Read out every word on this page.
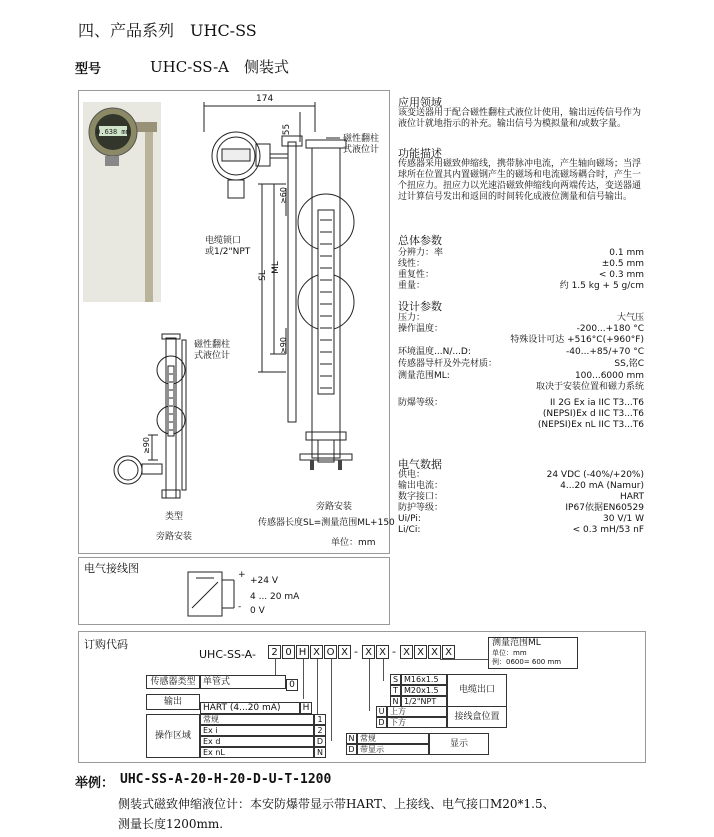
四、产品系列　UHC-SS
型号	UHC-SS-A　侧装式
0.638 mm
174
55
≥60
SL
ML
≥90
磁性翻柱
式液位计
电缆锁口
或1/2"NPT
磁性翻柱
式液位计
≥90
类型
旁路安装
旁路安装
传感器长度SL=测量范围ML+150
单位：mm
应用领域
该变送器用于配合磁性翻柱式液位计使用，输出远传信号作为液位计就地指示的补充。输出信号为模拟量和/或数字量。
功能描述
传感器采用磁致伸缩线，携带脉冲电流，产生轴向磁场；当浮球所在位置其内置磁钢产生的磁场和电流磁场耦合时，产生一个扭应力。扭应力以光速沿磁致伸缩线向两端传达，变送器通过计算信号发出和返回的时间转化成液位测量和信号输出。
总体参数
分辨力：率	0.1 mm
线性：	±0.5 mm
重复性：	< 0.3 mm
重量：	约 1.5 kg + 5 g/cm
设计参数
压力：	大气压
操作温度：	-200...+180 °C
特殊设计可达 +516°C(+960°F)
环境温度...N/...D:	-40...+85/+70 °C
传感器导杆及外壳材质：	SS,铭C
测量范围ML:	100...6000 mm
取决于安装位置和磁力系统
防爆等级：	II 2G Ex ia IIC T3...T6
(NEPSI)Ex d IIC T3...T6
(NEPSI)Ex nL IIC T3...T6
电气数据
供电：	24 VDC (-40%/+20%)
输出电流：	4...20 mA (Namur)
数字接口：	HART
防护等级：	IP67依据EN60529
Ui/Pi:	30 V/1 W
Li/Ci:	< 0.3 mH/53 nF
电气接线图	+
-
+24 V
4 ... 20 mA
0 V
订购代码
UHC-SS-A-	2 0 H X O X - X X - X X X X
测量范围ML
单位：mm
例：0600= 600 mm
传感器类型 单管式	0
输出
HART (4...20 mA)	H
操作区域
常规	1
Ex i	2
Ex d	D
Ex nL	N
S M16x1.5
T M20x1.5
N 1/2"NPT
电缆出口
U 上方
D 下方
接线盒位置
N 常规
D 带显示
显示
举例： UHC-SS-A-20-H-20-D-U-T-1200
侧装式磁致伸缩液位计：本安防爆带显示带HART、上接线、电气接口M20*1.5、
测量长度1200mm.
